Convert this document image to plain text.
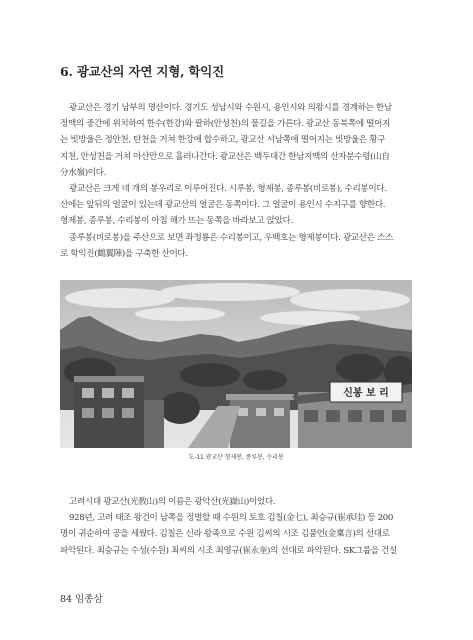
6. 광교산의 자연 지형, 학익진
광교산은 경기 남부의 명산이다. 경기도 성남시와 수원시, 용인시와 의왕시를 경계하는 한남
정맥의 중간에 위치하여 한수(한강)와 팔하(안성천)의 물길을 가른다. 광교산 동북쪽에 떨어지
는 빗방울은 정안천, 탄천을 거쳐 한강에 합수하고, 광교산 서남쪽에 떨어지는 빗방울은 황구
지천, 안성천을 거쳐 아산만으로 흘러나간다. 광교산은 백두대간 한남지맥의 산자분수령(山自
分水嶺)이다.
광교산은 크게 네 개의 봉우리로 이루어진다. 시루봉, 형제봉, 종루봉(비로봉), 수리봉이다.
산에는 앞뒤의 얼굴이 있는데 광교산의 얼굴은 동쪽이다. 그 얼굴이 용인시 수지구를 향한다.
형제봉, 종루봉, 수리봉이 아침 해가 뜨는 동쪽을 바라보고 앉았다.
종루봉(비로봉)을 주산으로 보면 좌청룡은 수리봉이고, 우백호는 형제봉이다. 광교산은 스스
로 학익진(鶴翼陣)을 구축한 산이다.
신봉 보 리
도-11 광교산 형제봉, 종루봉, 수리봉
고려시대 광교산(光敎山)의 이름은 광악산(光嶽山)이었다.
928년, 고려 태조 왕건이 남쪽을 정벌할 때 수원의 토호 김칠(金七), 최승규(崔承珪) 등 200
명이 귀순하여 공을 세웠다. 김칠은 신라 왕족으로 수원 김씨의 시조 김품언(金稟言)의 선대로
파악된다. 최승규는 수성(수원) 최씨의 시조 최영규(崔永奎)의 선대로 파악된다. SK그룹을 건설
84 임종삼
